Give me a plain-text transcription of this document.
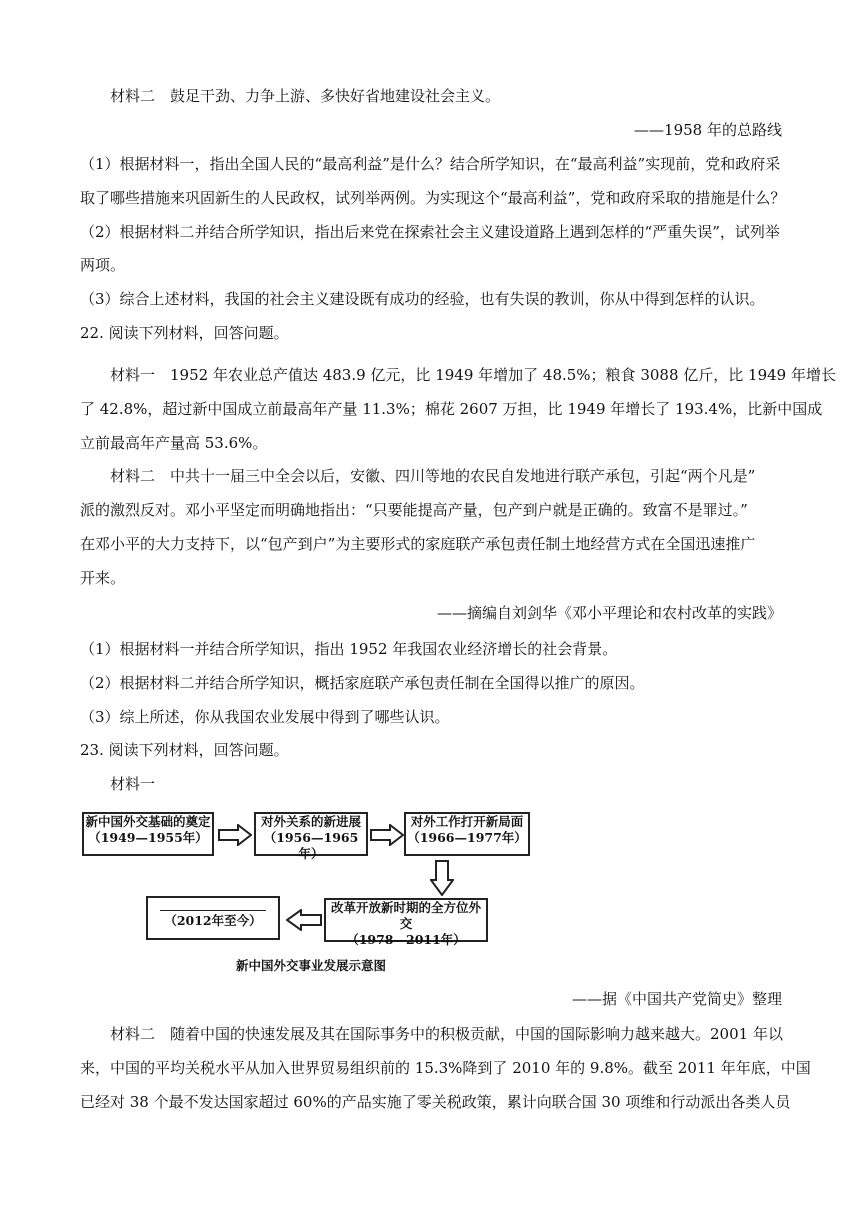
材料二　鼓足干劲、力争上游、多快好省地建设社会主义。
——1958 年的总路线
（1）根据材料一，指出全国人民的“最高利益”是什么？结合所学知识，在“最高利益”实现前，党和政府采
取了哪些措施来巩固新生的人民政权，试列举两例。为实现这个“最高利益”，党和政府采取的措施是什么？
（2）根据材料二并结合所学知识，指出后来党在探索社会主义建设道路上遇到怎样的“严重失误”，试列举
两项。
（3）综合上述材料，我国的社会主义建设既有成功的经验，也有失误的教训，你从中得到怎样的认识。
22. 阅读下列材料，回答问题。
材料一　1952 年农业总产值达 483.9 亿元，比 1949 年增加了 48.5%；粮食 3088 亿斤，比 1949 年增长
了 42.8%，超过新中国成立前最高年产量 11.3%；棉花 2607 万担，比 1949 年增长了 193.4%，比新中国成
立前最高年产量高 53.6%。
材料二　中共十一届三中全会以后，安徽、四川等地的农民自发地进行联产承包，引起“两个凡是”
派的激烈反对。邓小平坚定而明确地指出：“只要能提高产量，包产到户就是正确的。致富不是罪过。”
在邓小平的大力支持下，以“包产到户”为主要形式的家庭联产承包责任制土地经营方式在全国迅速推广
开来。
——摘编自刘剑华《邓小平理论和农村改革的实践》
（1）根据材料一并结合所学知识，指出 1952 年我国农业经济增长的社会背景。
（2）根据材料二并结合所学知识，概括家庭联产承包责任制在全国得以推广的原因。
（3）综上所述，你从我国农业发展中得到了哪些认识。
23. 阅读下列材料，回答问题。
材料一
新中国外交基础的奠定
（1949—1955年）
对外关系的新进展
（1956—1965年）
对外工作打开新局面
（1966—1977年）
改革开放新时期的全方位外交
（1978—2011年）
（2012年至今）
新中国外交事业发展示意图
——据《中国共产党简史》整理
材料二　随着中国的快速发展及其在国际事务中的积极贡献，中国的国际影响力越来越大。2001 年以
来，中国的平均关税水平从加入世界贸易组织前的 15.3%降到了 2010 年的 9.8%。截至 2011 年年底，中国
已经对 38 个最不发达国家超过 60%的产品实施了零关税政策，累计向联合国 30 项维和行动派出各类人员
